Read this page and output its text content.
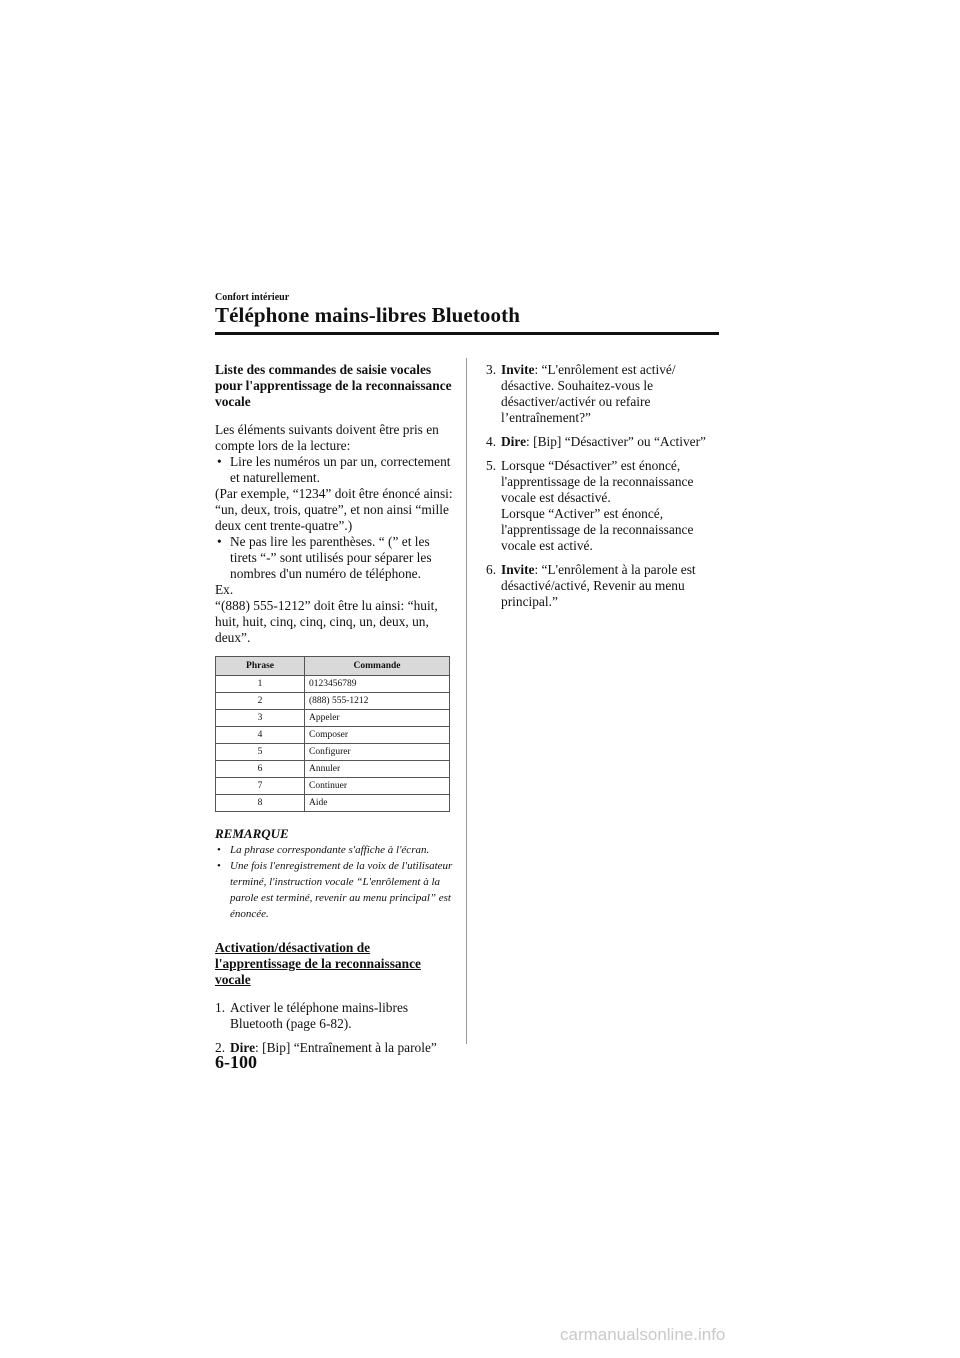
Confort intérieur
Téléphone mains-libres Bluetooth

Liste des commandes de saisie vocales pour l'apprentissage de la reconnaissance vocale

Les éléments suivants doivent être pris en compte lors de la lecture:

• Lire les numéros un par un, correctement et naturellement.

(Par exemple, “1234” doit être énoncé ainsi: “un, deux, trois, quatre”, et non ainsi “mille deux cent trente-quatre”.)

• Ne pas lire les parenthèses. “ (” et les tirets “-” sont utilisés pour séparer les nombres d'un numéro de téléphone.

Ex.

“(888) 555-1212” doit être lu ainsi: “huit, huit, huit, cinq, cinq, cinq, un, deux, un, deux”.

Phrase	Commande
1	0123456789
2	(888) 555-1212
3	Appeler
4	Composer
5	Configurer
6	Annuler
7	Continuer
8	Aide

REMARQUE

• La phrase correspondante s'affiche à l'écran.

• Une fois l'enregistrement de la voix de l'utilisateur terminé, l'instruction vocale “L'enrôlement à la parole est terminé, revenir au menu principal” est énoncée.

Activation/désactivation de l'apprentissage de la reconnaissance vocale

1. Activer le téléphone mains-libres Bluetooth (page 6-82).
2. Dire: [Bip] “Entraînement à la parole”
3. Invite: “L'enrôlement est activé/ désactive. Souhaitez-vous le désactiver/activér ou refaire l’entraînement?”
4. Dire: [Bip] “Désactiver” ou “Activer”
5. Lorsque “Désactiver” est énoncé, l'apprentissage de la reconnaissance vocale est désactivé.

Lorsque “Activer” est énoncé, l'apprentissage de la reconnaissance vocale est activé.

6. Invite: “L'enrôlement à la parole est désactivé/activé, Revenir au menu principal.”
6-100
carmanualsonline.info
